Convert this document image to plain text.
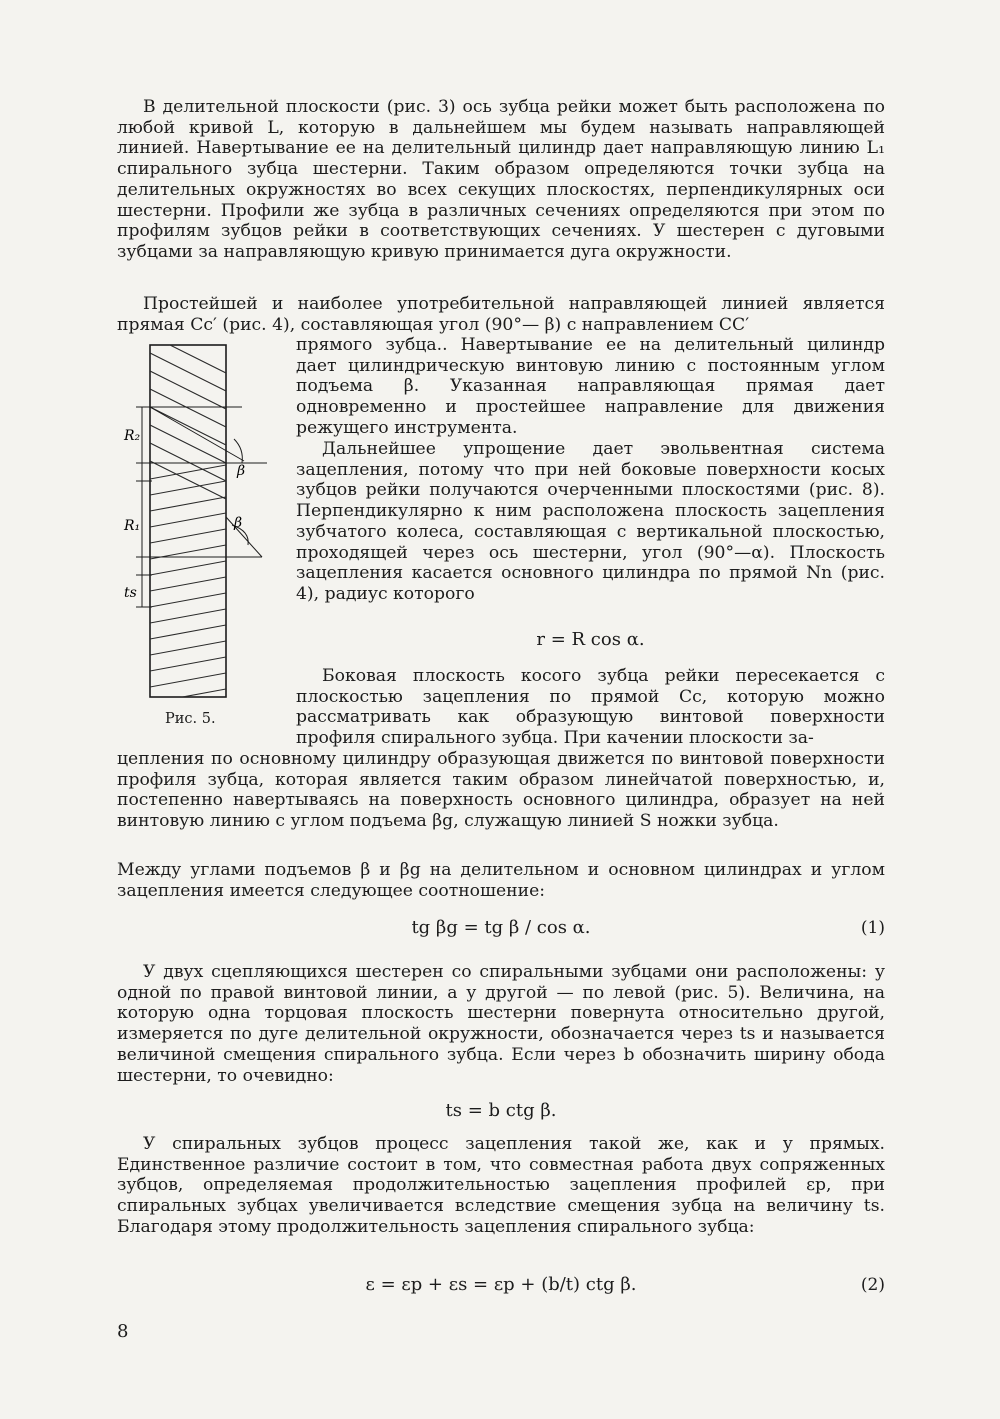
В делительной плоскости (рис. 3) ось зубца рейки может быть расположена по любой кривой L, которую в дальнейшем мы будем называть направляющей линией. Навертывание ее на делительный цилиндр дает направляющую линию L₁ спирального зубца шестерни. Таким образом определяются точки зубца на делительных окружностях во всех секущих плоскостях, перпендикулярных оси шестерни. Профили же зубца в различных сечениях определяются при этом по профилям зубцов рейки в соответствующих сечениях. У шестерен с дуговыми зубцами за направляющую кривую принимается дуга окружности.

Простейшей и наиболее употребительной направляющей линией является прямая Cc′ (рис. 4), составляющая угол (90°— β) с направлением CC′

прямого зубца.. Навертывание ее на делительный цилиндр дает цилиндрическую винтовую линию с постоянным углом подъема β. Указанная направляющая прямая дает одновременно и простейшее направление для движения режущего инструмента.

Дальнейшее упрощение дает эвольвентная система зацепления, потому что при ней боковые поверхности косых зубцов рейки получаются очерченными плоскостями (рис. 8). Перпендикулярно к ним расположена плоскость зацепления зубчатого колеса, составляющая с вертикальной плоскостью, проходящей через ось шестерни, угол (90°—α). Плоскость зацепления касается основного цилиндра по прямой Nn (рис. 4), радиус которого

r = R cos α.

Боковая плоскость косого зубца рейки пересекается с плоскостью зацепления по прямой Cc, которую можно рассматривать как образующую винтовой поверхности профиля спирального зубца. При качении плоскости за-

цепления по основному цилиндру образующая движется по винтовой поверхности профиля зубца, которая является таким образом линейчатой поверхностью, и, постепенно навертываясь на поверхность основного цилиндра, образует на ней винтовую линию с углом подъема βg, служащую линией S ножки зубца.

Между углами подъемов β и βg на делительном и основном цилиндрах и углом зацепления имеется следующее соотношение:

tg βg = tg β / cos α.	(1)

У двух сцепляющихся шестерен со спиральными зубцами они расположены: у одной по правой винтовой линии, а у другой — по левой (рис. 5). Величина, на которую одна торцовая плоскость шестерни повернута относительно другой, измеряется по дуге делительной окружности, обозначается через ts и называется величиной смещения спирального зубца. Если через b обозначить ширину обода шестерни, то очевидно:

ts = b ctg β.

У спиральных зубцов процесс зацепления такой же, как и у прямых. Единственное различие состоит в том, что совместная работа двух сопряженных зубцов, определяемая продолжительностью зацепления профилей εp, при спиральных зубцах увеличивается вследствие смещения зубца на величину ts. Благодаря этому продолжительность зацепления спирального зубца:

ε = εp + εs = εp + (b/t) ctg β.	(2)
R₂
β
R₁	β
ts
Рис. 5.
8
